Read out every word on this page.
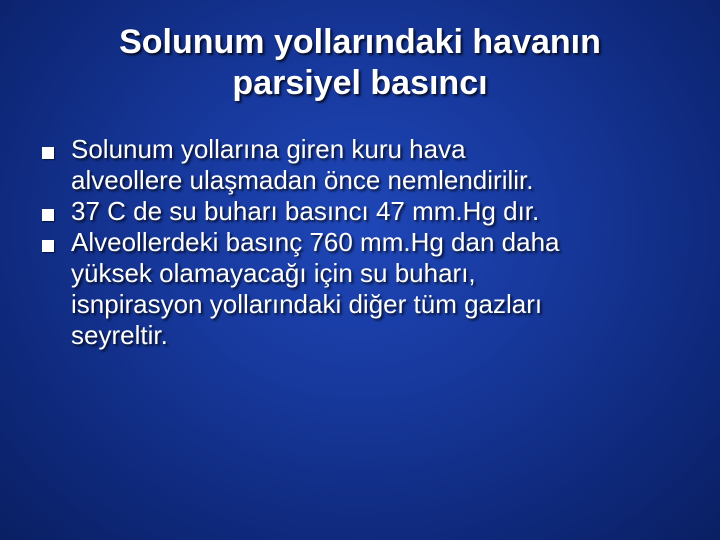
Solunum yollarındaki havanın
parsiyel basıncı
Solunum yollarına giren kuru hava
alveollere ulaşmadan önce nemlendirilir.
37 C de su buharı basıncı 47 mm.Hg dır.
Alveollerdeki basınç 760 mm.Hg dan daha
yüksek olamayacağı için su buharı,
isnpirasyon yollarındaki diğer tüm gazları
seyreltir.
